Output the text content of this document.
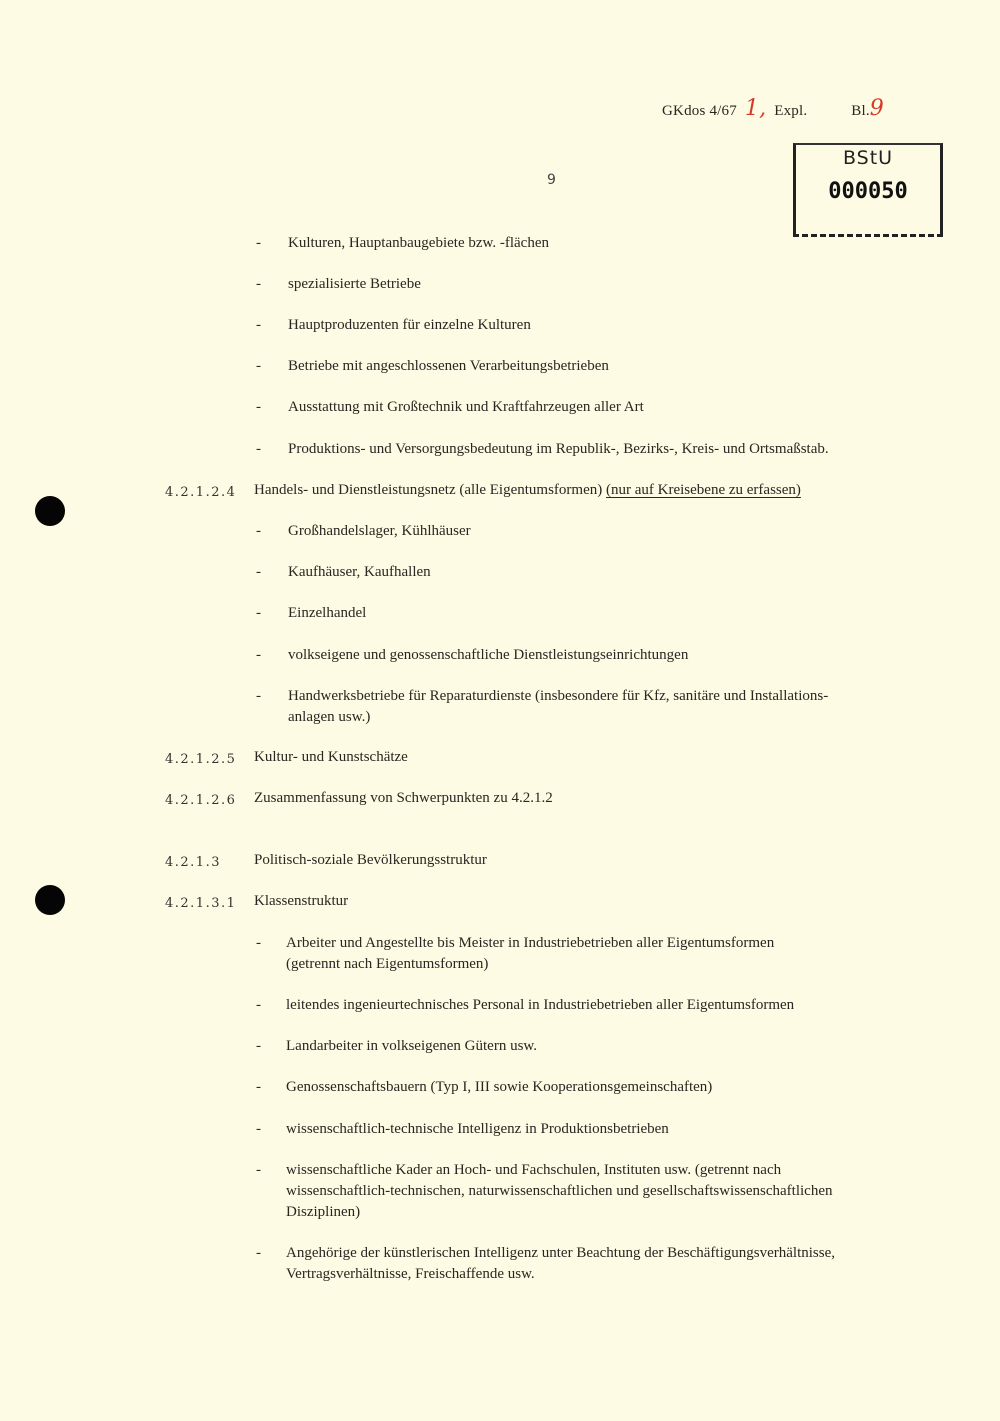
GKdos 4/67 1, Expl.	Bl.9
9
BStU
000050
- Kulturen, Hauptanbaugebiete bzw. -flächen
- spezialisierte Betriebe
- Hauptproduzenten für einzelne Kulturen
- Betriebe mit angeschlossenen Verarbeitungsbetrieben
- Ausstattung mit Großtechnik und Kraftfahrzeugen aller Art
- Produktions- und Versorgungsbedeutung im Republik-, Bezirks-, Kreis- und Ortsmaßstab.
4.2.1.2.4 Handels- und Dienstleistungsnetz (alle Eigentumsformen) (nur auf Kreisebene zu erfassen)
- Großhandelslager, Kühlhäuser
- Kaufhäuser, Kaufhallen
- Einzelhandel
- volkseigene und genossenschaftliche Dienstleistungseinrichtungen
- Handwerksbetriebe für Reparaturdienste (insbesondere für Kfz, sanitäre und Installations-
anlagen usw.)
4.2.1.2.5 Kultur- und Kunstschätze
4.2.1.2.6 Zusammenfassung von Schwerpunkten zu 4.2.1.2
4.2.1.3 Politisch-soziale Bevölkerungsstruktur
4.2.1.3.1 Klassenstruktur
- Arbeiter und Angestellte bis Meister in Industriebetrieben aller Eigentumsformen
(getrennt nach Eigentumsformen)
- leitendes ingenieurtechnisches Personal in Industriebetrieben aller Eigentumsformen
- Landarbeiter in volkseigenen Gütern usw.
- Genossenschaftsbauern (Typ I, III sowie Kooperationsgemeinschaften)
- wissenschaftlich-technische Intelligenz in Produktionsbetrieben
- wissenschaftliche Kader an Hoch- und Fachschulen, Instituten usw. (getrennt nach
wissenschaftlich-technischen, naturwissenschaftlichen und gesellschaftswissenschaftlichen
Disziplinen)
- Angehörige der künstlerischen Intelligenz unter Beachtung der Beschäftigungsverhältnisse,
Vertragsverhältnisse, Freischaffende usw.
